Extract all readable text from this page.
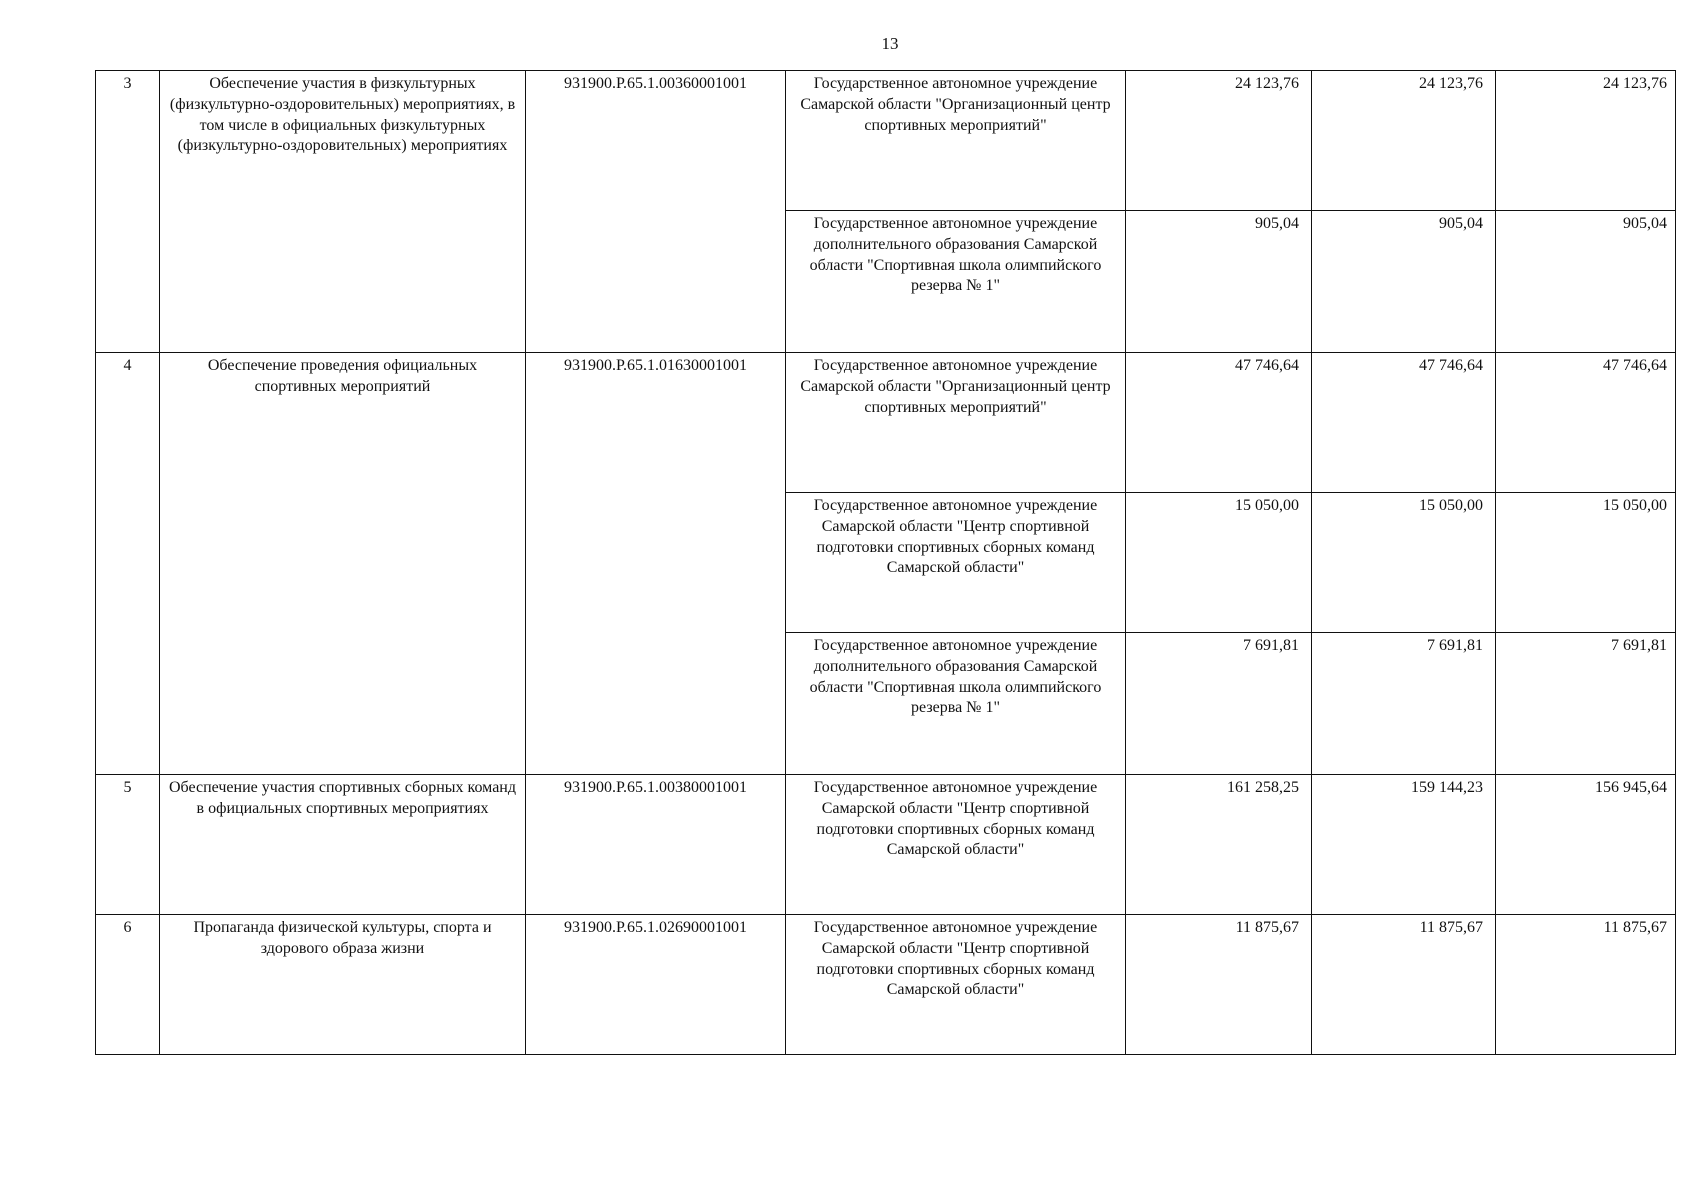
13
3	Обеспечение участия в физкультурных (физкультурно-оздоровительных) мероприятиях, в том числе в официальных физкультурных (физкультурно-оздоровительных) мероприятиях	931900.Р.65.1.00360001001	Государственное автономное учреждение Самарской области "Организационный центр спортивных мероприятий"	24 123,76	24 123,76	24 123,76
			Государственное автономное учреждение дополнительного образования Самарской области "Спортивная школа олимпийского резерва № 1"	905,04	905,04	905,04
4	Обеспечение проведения официальных спортивных мероприятий	931900.Р.65.1.01630001001	Государственное автономное учреждение Самарской области "Организационный центр спортивных мероприятий"	47 746,64	47 746,64	47 746,64
			Государственное автономное учреждение Самарской области "Центр спортивной подготовки спортивных сборных команд Самарской области"	15 050,00	15 050,00	15 050,00
			Государственное автономное учреждение дополнительного образования Самарской области "Спортивная школа олимпийского резерва № 1"	7 691,81	7 691,81	7 691,81
5	Обеспечение участия спортивных сборных команд в официальных спортивных мероприятиях	931900.Р.65.1.00380001001	Государственное автономное учреждение Самарской области "Центр спортивной подготовки спортивных сборных команд Самарской области"	161 258,25	159 144,23	156 945,64
6	Пропаганда физической культуры, спорта и здорового образа жизни	931900.Р.65.1.02690001001	Государственное автономное учреждение Самарской области "Центр спортивной подготовки спортивных сборных команд Самарской области"	11 875,67	11 875,67	11 875,67
